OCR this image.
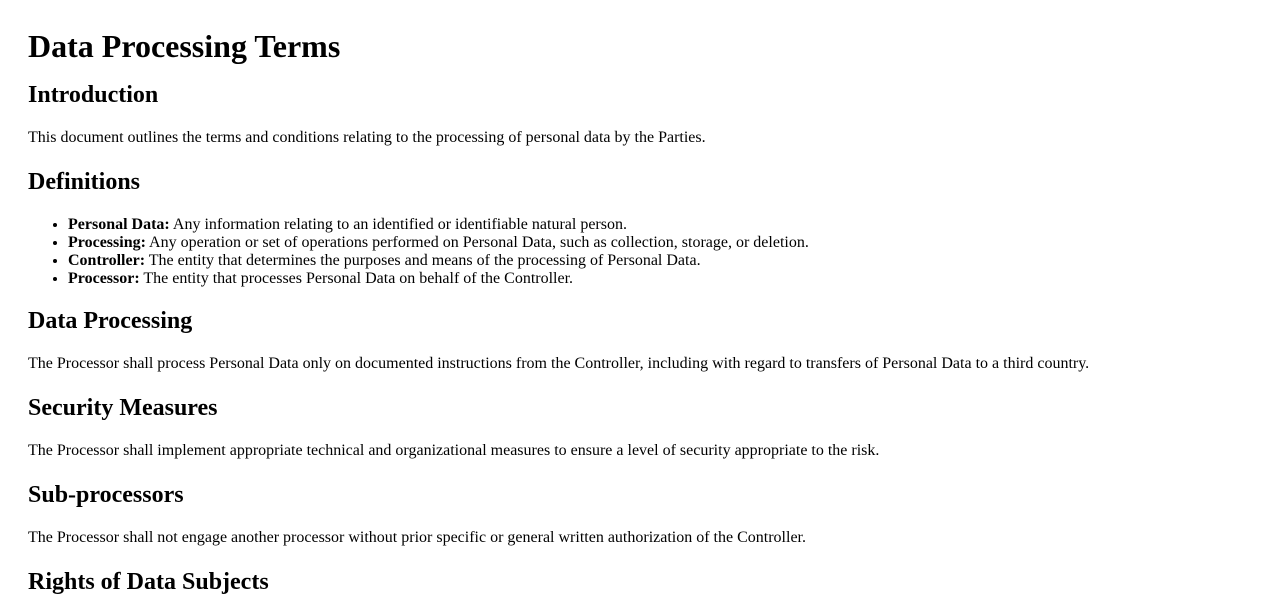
Data Processing Terms
Introduction

This document outlines the terms and conditions relating to the processing of personal data by the Parties.

Definitions
• Personal Data: Any information relating to an identified or identifiable natural person.
• Processing: Any operation or set of operations performed on Personal Data, such as collection, storage, or deletion.
• Controller: The entity that determines the purposes and means of the processing of Personal Data.
• Processor: The entity that processes Personal Data on behalf of the Controller.
Data Processing

The Processor shall process Personal Data only on documented instructions from the Controller, including with regard to transfers of Personal Data to a third country.

Security Measures

The Processor shall implement appropriate technical and organizational measures to ensure a level of security appropriate to the risk.

Sub-processors

The Processor shall not engage another processor without prior specific or general written authorization of the Controller.

Rights of Data Subjects
